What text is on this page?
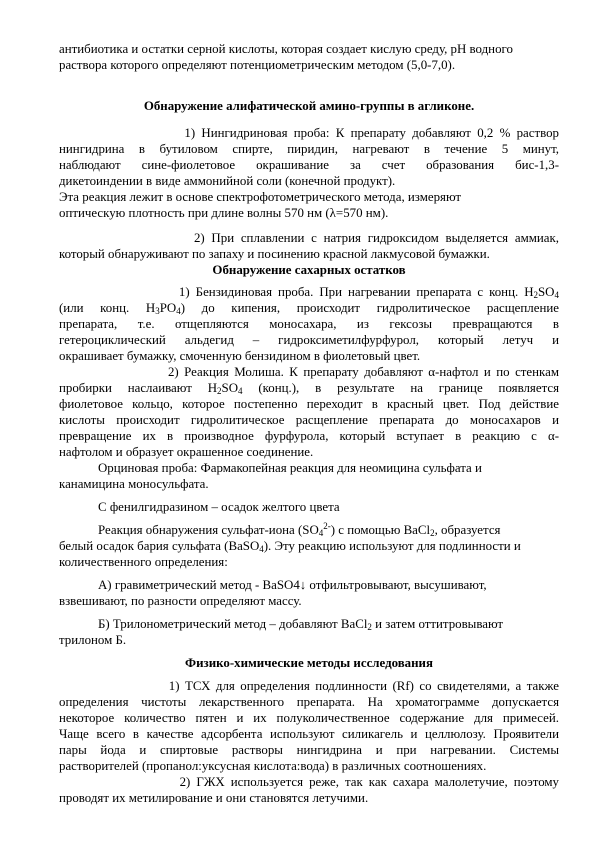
антибиотика и остатки серной кислоты, которая создает кислую среду, pH водного
раствора которого определяют потенциометрическим методом (5,0-7,0).
Обнаружение алифатической амино-группы в агликоне.
1) Нингидриновая проба: К препарату добавляют 0,2 % раствор
нингидрина в бутиловом спирте, пиридин, нагревают в течение 5 минут,
наблюдают сине-фиолетовое окрашивание за счет образования бис-1,3-
дикетоиндении в виде аммонийной соли (конечной продукт).
Эта реакция лежит в основе спектрофотометрического метода, измеряют
оптическую плотность при длине волны 570 нм (λ=570 нм).
2) При сплавлении с натрия гидроксидом выделяется аммиак,
который обнаруживают по запаху и посинению красной лакмусовой бумажки.
Обнаружение сахарных остатков
1) Бензидиновая проба. При нагревании препарата с конц. $H_2SO_4$
(или конц. $H_3PO_4$) до кипения, происходит гидролитическое расщепление
препарата, т.е. отщепляются моносахара, из гексозы превращаются в
гетероциклический альдегид – гидроксиметилфурфурол, который летуч и
окрашивает бумажку, смоченную бензидином в фиолетовый цвет.
2) Реакция Молиша. К препарату добавляют α-нафтол и по стенкам
пробирки наслаивают $H_2SO_4$ (конц.), в результате на границе появляется
фиолетовое кольцо, которое постепенно переходит в красный цвет. Под действие
кислоты происходит гидролитическое расщепление препарата до моносахаров и
превращение их в производное фурфурола, который вступает в реакцию с α-
нафтолом и образует окрашенное соединение.
Орциновая проба: Фармакопейная реакция для неомицина сульфата и
канамицина моносульфата.
С фенилгидразином – осадок желтого цвета
Реакция обнаружения сульфат-иона $(SO_4^{2-})$ с помощью BaCl$_2$, образуется
белый осадок бария сульфата (BaSO$_4$). Эту реакцию используют для подлинности и
количественного определения:
А) гравиметрический метод - BaSO4↓ отфильтровывают, высушивают,
взвешивают, по разности определяют массу.
Б) Трилонометрический метод – добавляют BaCl$_2$ и затем оттитровывают
трилоном Б.
Физико-химические методы исследования
1) ТСХ для определения подлинности (Rf) со свидетелями, а также
определения чистоты лекарственного препарата. На хроматограмме допускается
некоторое количество пятен и их полуколичественное содержание для примесей.
Чаще всего в качестве адсорбента используют силикагель и целлюлозу. Проявители
пары йода и спиртовые растворы нингидрина и при нагревании. Системы
растворителей (пропанол:уксусная кислота:вода) в различных соотношениях.
2) ГЖХ используется реже, так как сахара малолетучие, поэтому
проводят их метилирование и они становятся летучими.
